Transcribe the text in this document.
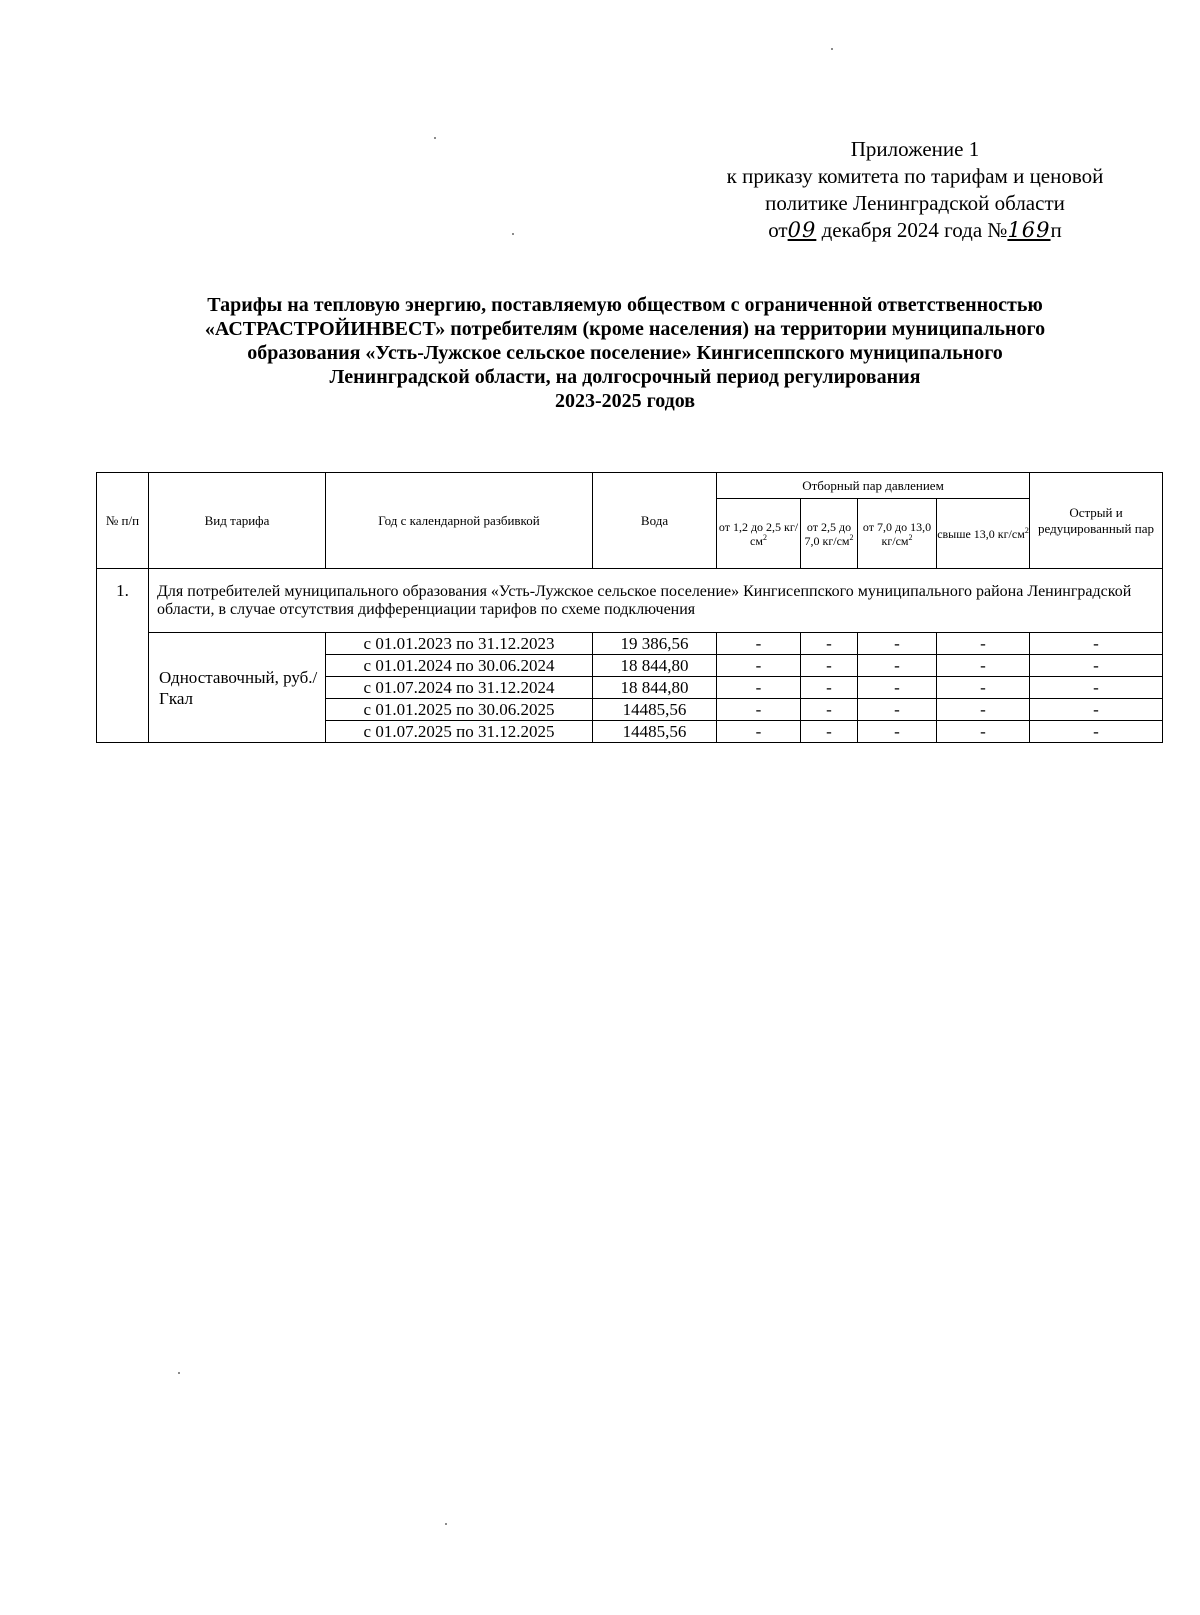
Приложение 1
к приказу комитета по тарифам и ценовой
политике Ленинградской области
от09 декабря 2024 года №169п
Тарифы на тепловую энергию, поставляемую обществом с ограниченной ответственностью
«АСТРАСТРОЙИНВЕСТ» потребителям (кроме населения) на территории муниципального
образования «Усть-Лужское сельское поселение» Кингисеппского муниципального
Ленинградской области, на долгосрочный период регулирования
2023-2025 годов
№ п/п	Вид тарифа	Год с календарной разбивкой	Вода	Отборный пар давлением				Острый и редуцированный пар
				от 1,2 до 2,5 $кг/см^2$	от 2,5 до 7,0 $кг/см^2$	от 7,0 до 13,0 $кг/см^2$	свыше 13,0 $кг/см^2$
1.	Для потребителей муниципального образования «Усть-Лужское сельское поселение» Кингисеппского муниципального района Ленинградской области, в случае отсутствия дифференциации тарифов по схеме подключения							
	Одноставочный, руб./Гкал	с 01.01.2023 по 31.12.2023	19 386,56	-	-	-	-	-
		с 01.01.2024 по 30.06.2024	18 844,80	-	-	-	-	-
		с 01.07.2024 по 31.12.2024	18 844,80	-	-	-	-	-
		с 01.01.2025 по 30.06.2025	14485,56	-	-	-	-	-
		с 01.07.2025 по 31.12.2025	14485,56	-	-	-	-	-
